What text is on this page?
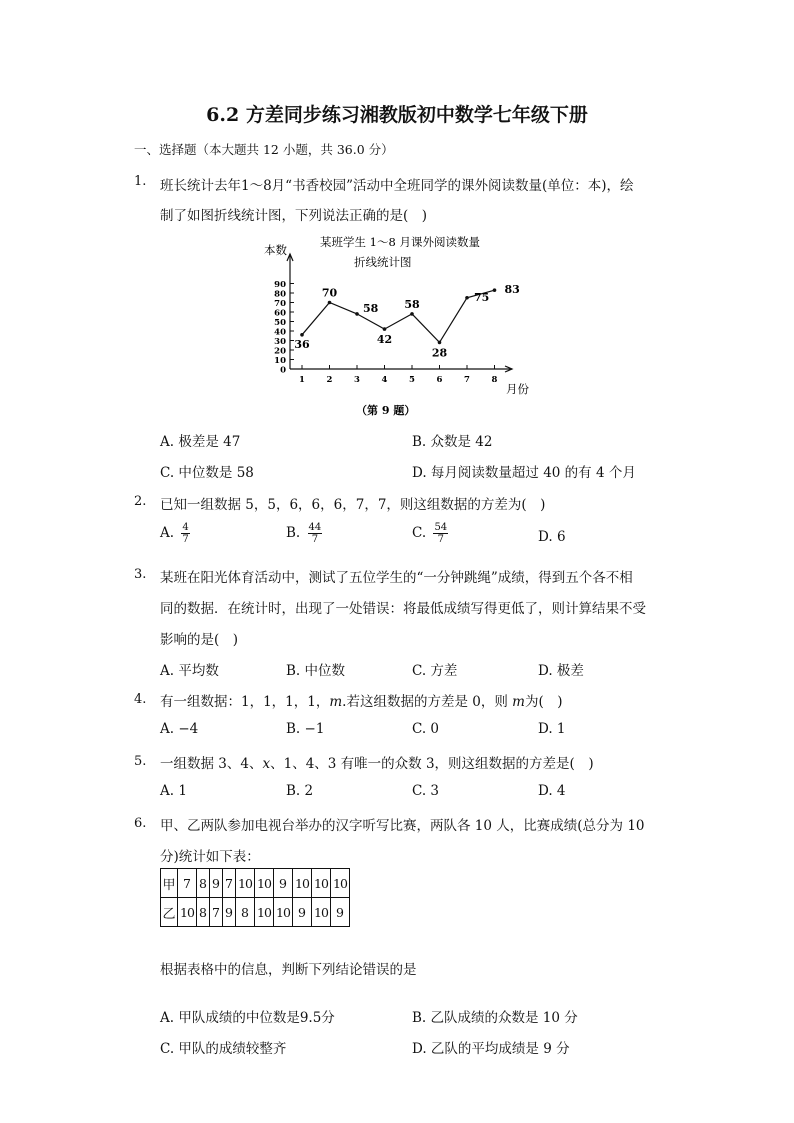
6.2 方差同步练习湘教版初中数学七年级下册

一、选择题（本大题共 12 小题，共 36.0 分）

1. 班长统计去年1～8月“书香校园”活动中全班同学的课外阅读数量(单位：本)，绘
制了如图折线统计图，下列说法正确的是(　)
0
10
20
30
40
50
60
70
80
90
1	2	3	4	5	6	7	8
36
70
58
42
58
28
75
83
某班学生 1～8 月课外阅读数量
折线统计图
本数
月份
（第 9 题）
A. 极差是 47	B. 众数是 42
C. 中位数是 58	D. 每月阅读数量超过 40 的有 4 个月
2. 已知一组数据 5，5，6，6，6，7，7，则这组数据的方差为(　)
A. $\frac{4}{7}$	B. $\frac{44}{7}$	C. $\frac{54}{7}$	D. 6
3. 某班在阳光体育活动中，测试了五位学生的“一分钟跳绳”成绩，得到五个各不相
同的数据．在统计时，出现了一处错误：将最低成绩写得更低了，则计算结果不受
影响的是(　)
A. 平均数	B. 中位数	C. 方差	D. 极差
4. 有一组数据：1，1，1，1，m.若这组数据的方差是 0，则 m为(　)
A. −4	B. −1	C. 0	D. 1
5. 一组数据 3、4、x、1、4、3 有唯一的众数 3，则这组数据的方差是(　)
A. 1	B. 2	C. 3	D. 4
6. 甲、乙两队参加电视台举办的汉字听写比赛，两队各 10 人，比赛成绩(总分为 10
分)统计如下表：
甲	7	8	9	7	10	10	9	10	10	10
乙	10	8	7	9	8	10	10	9	10	9
根据表格中的信息，判断下列结论错误的是
A. 甲队成绩的中位数是9.5分	B. 乙队成绩的众数是 10 分
C. 甲队的成绩较整齐	D. 乙队的平均成绩是 9 分
